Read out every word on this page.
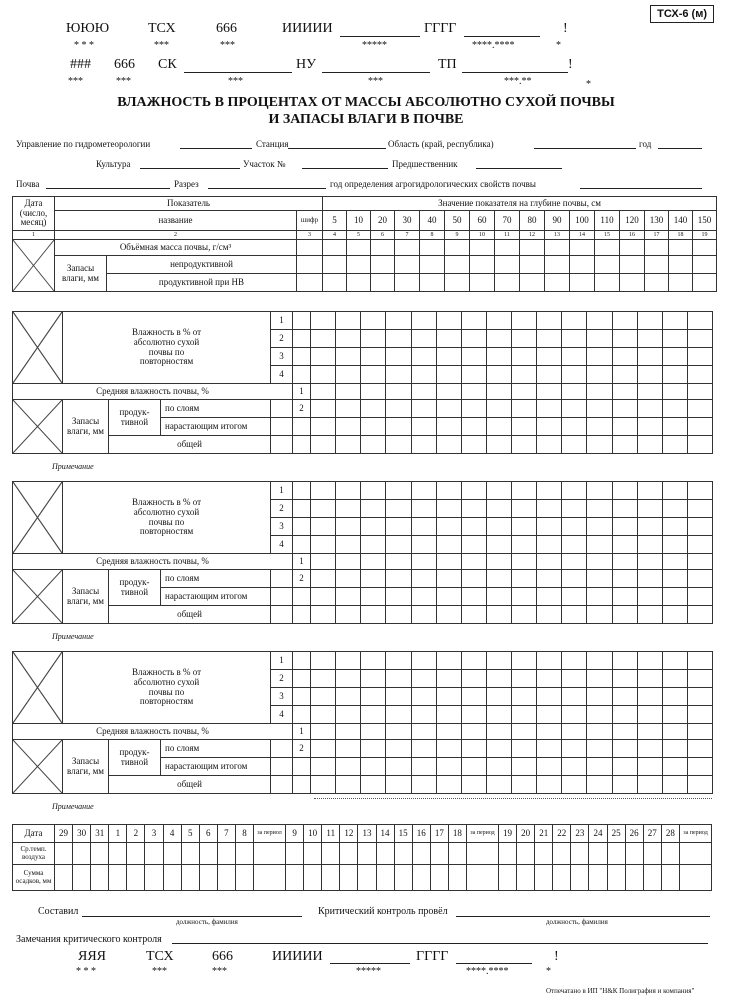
ТСХ-6 (м)
ЮЮЮ	ТСХ	666	ИИИИИ	ГГГГ	!
* * *	***	***	*****	****.****	*
### 666 СК	НУ	ТП	!
***	***	***	***	***.**	*
ВЛАЖНОСТЬ В ПРОЦЕНТАХ ОТ МАССЫ АБСОЛЮТНО СУХОЙ ПОЧВЫ
И ЗАПАСЫ ВЛАГИ В ПОЧВЕ
Управление по гидрометеорологии	Станция	Область (край, республика)	год
Культура	Участок №	Предшественник
Почва	Разрез	год определения агрогидрологических свойств почвы
Дата (число, месяц)	Показатель			Значение показателя на глубине почвы, см															
	название		шифр	5	10	20	30	40	50	60	70	80	90	100	110	120	130	140	150
1	2		3	4	5	6	7	8	9	10	11	12	13	14	15	16	17	18	19

	Объёмная масса почвы, г/см³																		
	Запасы влаги, мм	непродуктивной																	
		продуктивной при НВ																	
	Влажность в % от абсолютно сухой почвы по повторностям			1																	
				2																	
				3																	
				4																	
Средняя влажность почвы, %					1																

	Запасы влаги, мм	продук-тивной	по слоям		2																
			нарастающим итогом																		
		общей																			
Примечание
	Влажность в % от абсолютно сухой почвы по повторностям			1																	
				2																	
				3																	
				4																	
Средняя влажность почвы, %					1																

	Запасы влаги, мм	продук-тивной	по слоям		2																
			нарастающим итогом																		
		общей																			
Примечание
	Влажность в % от абсолютно сухой почвы по повторностям			1																	
				2																	
				3																	
				4																	
Средняя влажность почвы, %					1																

	Запасы влаги, мм	продук-тивной	по слоям		2																
			нарастающим итогом																		
		общей																			
Примечание
Дата	29	30	31	1	2	3	4	5	6	7	8	за периол	9	10	11	12	13	14	15	16	17	18	за период	19	20	21	22	23	24	25	26	27	28	за период
Ср.темп. воздуха																																		
Сумма осадков, мм																																		
Составил
должность, фамилия
Критический контроль провёл
должность, фамилия
Замечания критического контроля
ЯЯЯ	ТСХ	666	ИИИИИ	ГГГГ	!
* * *	***	***	*****	****.****	*
Отпечатано в ИП "Н&К Полиграфия и компания"
